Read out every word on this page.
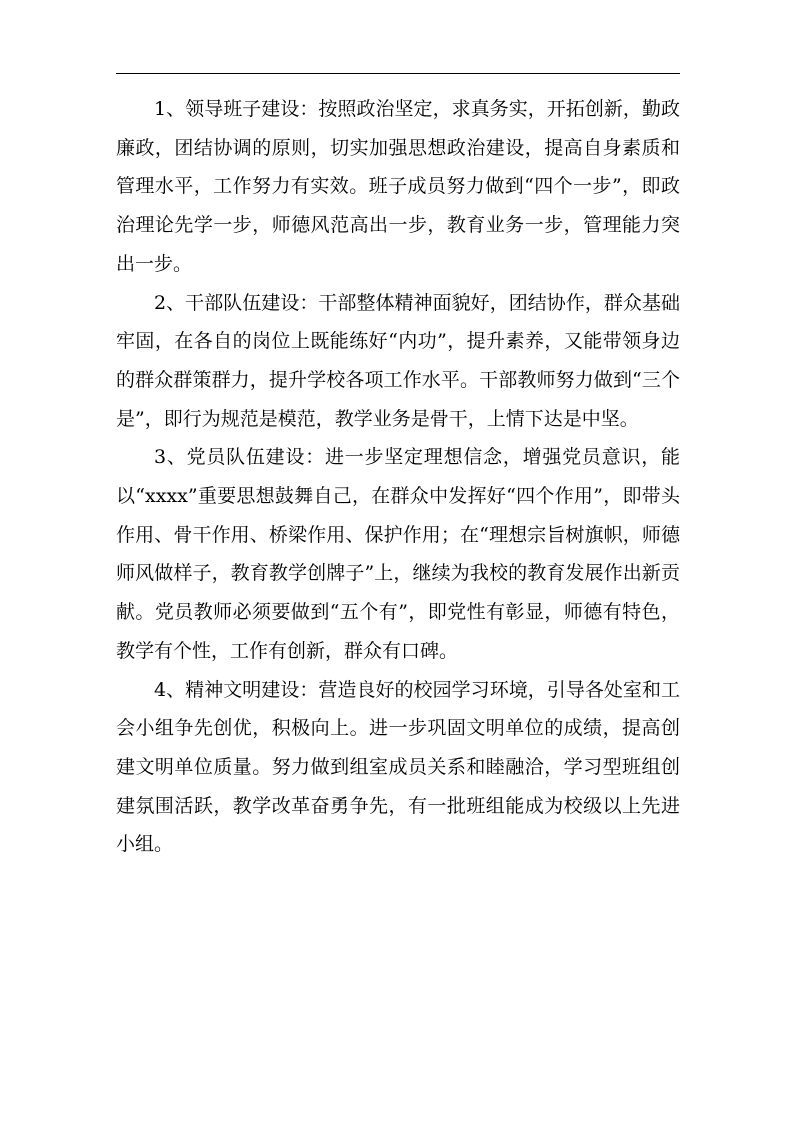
1、领导班子建设：按照政治坚定，求真务实，开拓创新，勤政廉政，团结协调的原则，切实加强思想政治建设，提高自身素质和管理水平，工作努力有实效。班子成员努力做到“四个一步”，即政治理论先学一步，师德风范高出一步，教育业务一步，管理能力突出一步。

2、干部队伍建设：干部整体精神面貌好，团结协作，群众基础牢固，在各自的岗位上既能练好“内功”，提升素养，又能带领身边的群众群策群力，提升学校各项工作水平。干部教师努力做到“三个是”，即行为规范是模范，教学业务是骨干，上情下达是中坚。

3、党员队伍建设：进一步坚定理想信念，增强党员意识，能以“xxxx”重要思想鼓舞自己，在群众中发挥好“四个作用”，即带头作用、骨干作用、桥梁作用、保护作用；在“理想宗旨树旗帜，师德师风做样子，教育教学创牌子”上，继续为我校的教育发展作出新贡献。党员教师必须要做到“五个有”，即党性有彰显，师德有特色，教学有个性，工作有创新，群众有口碑。

4、精神文明建设：营造良好的校园学习环境，引导各处室和工会小组争先创优，积极向上。进一步巩固文明单位的成绩，提高创建文明单位质量。努力做到组室成员关系和睦融洽，学习型班组创建氛围活跃，教学改革奋勇争先，有一批班组能成为校级以上先进小组。
